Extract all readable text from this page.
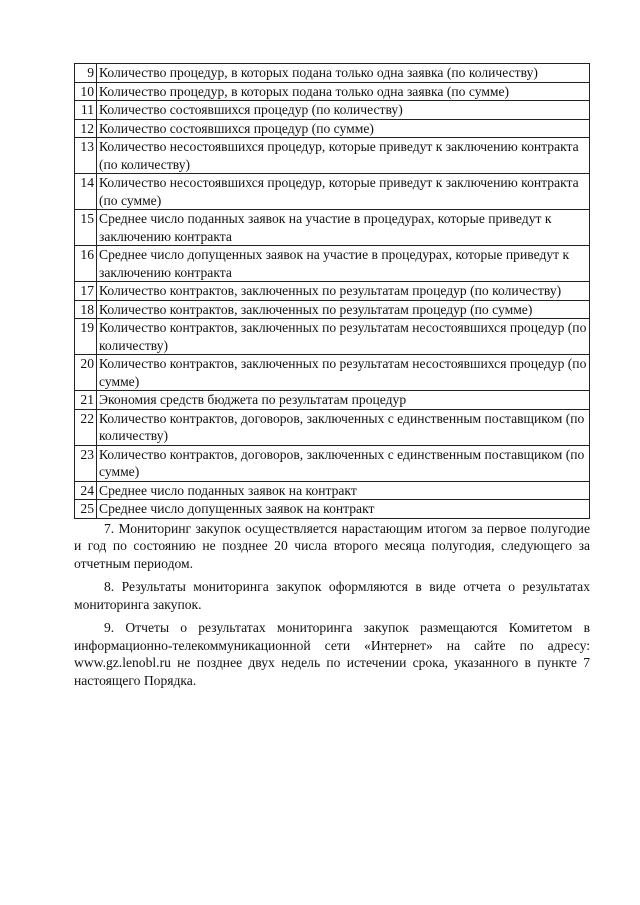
9	Количество процедур, в которых подана только одна заявка (по количеству)
10	Количество процедур, в которых подана только одна заявка (по сумме)
11	Количество состоявшихся процедур (по количеству)
12	Количество состоявшихся процедур (по сумме)
13	Количество несостоявшихся процедур, которые приведут к заключению контракта (по количеству)
14	Количество несостоявшихся процедур, которые приведут к заключению контракта (по сумме)
15	Среднее число поданных заявок на участие в процедурах, которые приведут к заключению контракта
16	Среднее число допущенных заявок на участие в процедурах, которые приведут к заключению контракта
17	Количество контрактов, заключенных по результатам процедур (по количеству)
18	Количество контрактов, заключенных по результатам процедур (по сумме)
19	Количество контрактов, заключенных по результатам несостоявшихся процедур (по количеству)
20	Количество контрактов, заключенных по результатам несостоявшихся процедур (по сумме)
21	Экономия средств бюджета по результатам процедур
22	Количество контрактов, договоров, заключенных с единственным поставщиком (по количеству)
23	Количество контрактов, договоров, заключенных с единственным поставщиком (по сумме)
24	Среднее число поданных заявок на контракт
25	Среднее число допущенных заявок на контракт

7. Мониторинг закупок осуществляется нарастающим итогом за первое полугодие и год по состоянию не позднее 20 числа второго месяца полугодия, следующего за отчетным периодом.

8. Результаты мониторинга закупок оформляются в виде отчета о результатах мониторинга закупок.

9. Отчеты о результатах мониторинга закупок размещаются Комитетом в информационно-телекоммуникационной сети «Интернет» на сайте по адресу: www.gz.lenobl.ru не позднее двух недель по истечении срока, указанного в пункте 7 настоящего Порядка.
